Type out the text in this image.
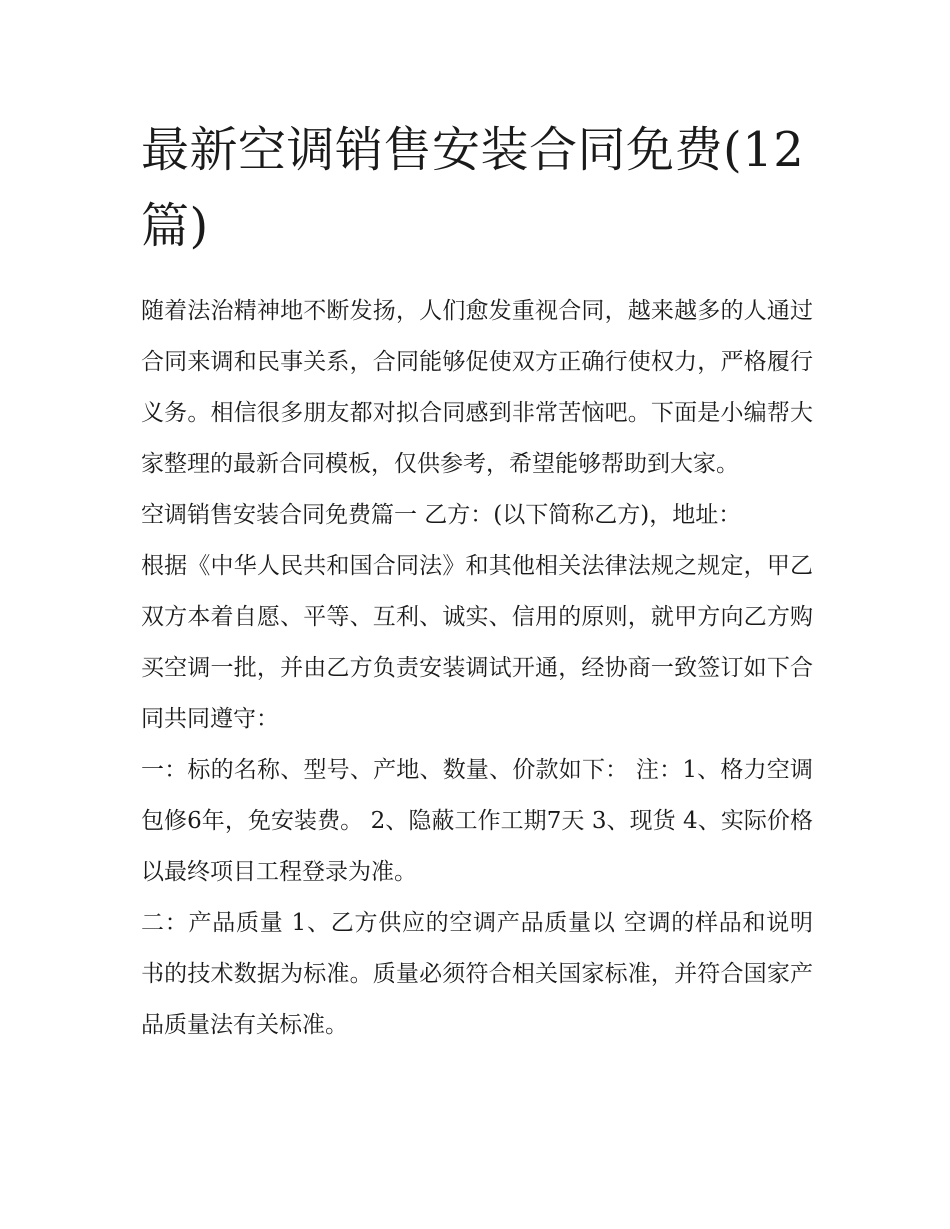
最新空调销售安装合同免费(12篇)

随着法治精神地不断发扬，人们愈发重视合同，越来越多的人通过合同来调和民事关系，合同能够促使双方正确行使权力，严格履行义务。相信很多朋友都对拟合同感到非常苦恼吧。下面是小编帮大家整理的最新合同模板，仅供参考，希望能够帮助到大家。

空调销售安装合同免费篇一 乙方：(以下简称乙方)，地址：

根据《中华人民共和国合同法》和其他相关法律法规之规定，甲乙双方本着自愿、平等、互利、诚实、信用的原则，就甲方向乙方购买空调一批，并由乙方负责安装调试开通，经协商一致签订如下合同共同遵守：

一：标的名称、型号、产地、数量、价款如下： 注：1、格力空调包修6年，免安装费。 2、隐蔽工作工期7天 3、现货 4、实际价格以最终项目工程登录为准。

二：产品质量 1、乙方供应的空调产品质量以 空调的样品和说明书的技术数据为标准。质量必须符合相关国家标准，并符合国家产品质量法有关标准。
